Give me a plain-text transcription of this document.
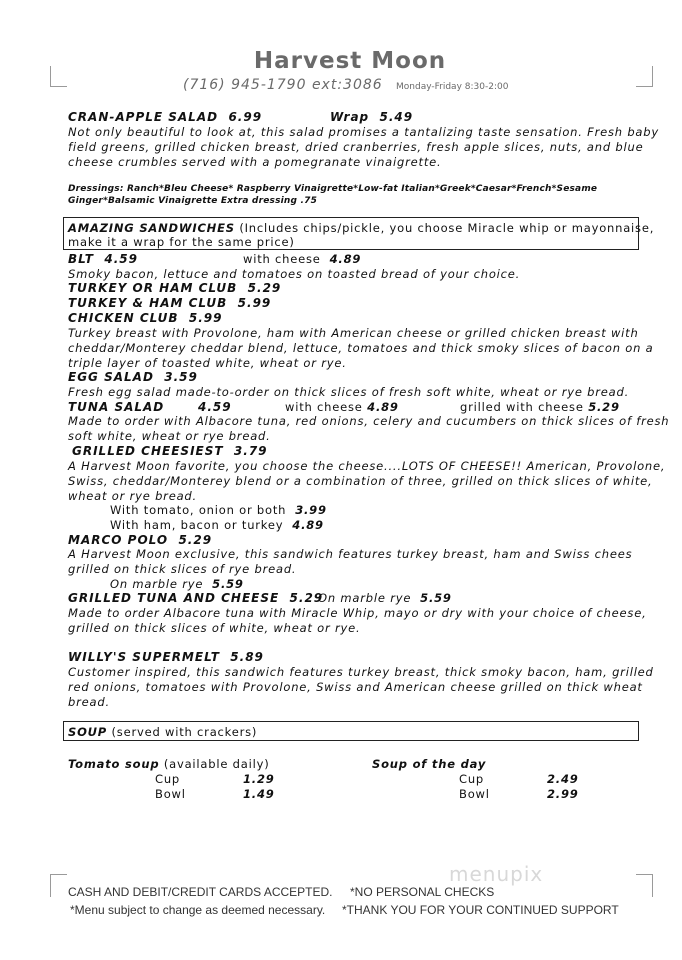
Harvest Moon
(716) 945-1790 ext:3086 Monday-Friday 8:30-2:00
CRAN-APPLE SALAD 6.99	Wrap 5.49
Not only beautiful to look at, this salad promises a tantalizing taste sensation. Fresh baby
field greens, grilled chicken breast, dried cranberries, fresh apple slices, nuts, and blue
cheese crumbles served with a pomegranate vinaigrette.
Dressings: Ranch*Bleu Cheese* Raspberry Vinaigrette*Low-fat Italian*Greek*Caesar*French*Sesame
Ginger*Balsamic Vinaigrette Extra dressing .75
AMAZING SANDWICHES (Includes chips/pickle, you choose Miracle whip or mayonnaise,
make it a wrap for the same price)
BLT 4.59	with cheese 4.89
Smoky bacon, lettuce and tomatoes on toasted bread of your choice.
TURKEY OR HAM CLUB 5.29
TURKEY & HAM CLUB 5.99
CHICKEN CLUB 5.99
Turkey breast with Provolone, ham with American cheese or grilled chicken breast with
cheddar/Monterey cheddar blend, lettuce, tomatoes and thick smoky slices of bacon on a
triple layer of toasted white, wheat or rye.
EGG SALAD 3.59
Fresh egg salad made-to-order on thick slices of fresh soft white, wheat or rye bread.
TUNA SALAD	4.59	with cheese 4.89	grilled with cheese 5.29
Made to order with Albacore tuna, red onions, celery and cucumbers on thick slices of fresh
soft white, wheat or rye bread.
GRILLED CHEESIEST 3.79
A Harvest Moon favorite, you choose the cheese....LOTS OF CHEESE!! American, Provolone,
Swiss, cheddar/Monterey blend or a combination of three, grilled on thick slices of white,
wheat or rye bread.
With tomato, onion or both 3.99
With ham, bacon or turkey 4.89
MARCO POLO 5.29
A Harvest Moon exclusive, this sandwich features turkey breast, ham and Swiss chees
grilled on thick slices of rye bread.
On marble rye 5.59
GRILLED TUNA AND CHEESE 5.29
On marble rye 5.59
Made to order Albacore tuna with Miracle Whip, mayo or dry with your choice of cheese,
grilled on thick slices of white, wheat or rye.
WILLY'S SUPERMELT 5.89
Customer inspired, this sandwich features turkey breast, thick smoky bacon, ham, grilled
red onions, tomatoes with Provolone, Swiss and American cheese grilled on thick wheat
bread.
SOUP (served with crackers)
Tomato soup (available daily)
Cup	1.29
Bowl	1.49
Soup of the day
Cup	2.49
Bowl	2.99
menupix
CASH AND DEBIT/CREDIT CARDS ACCEPTED. *NO PERSONAL CHECKS
*Menu subject to change as deemed necessary. *THANK YOU FOR YOUR CONTINUED SUPPORT
